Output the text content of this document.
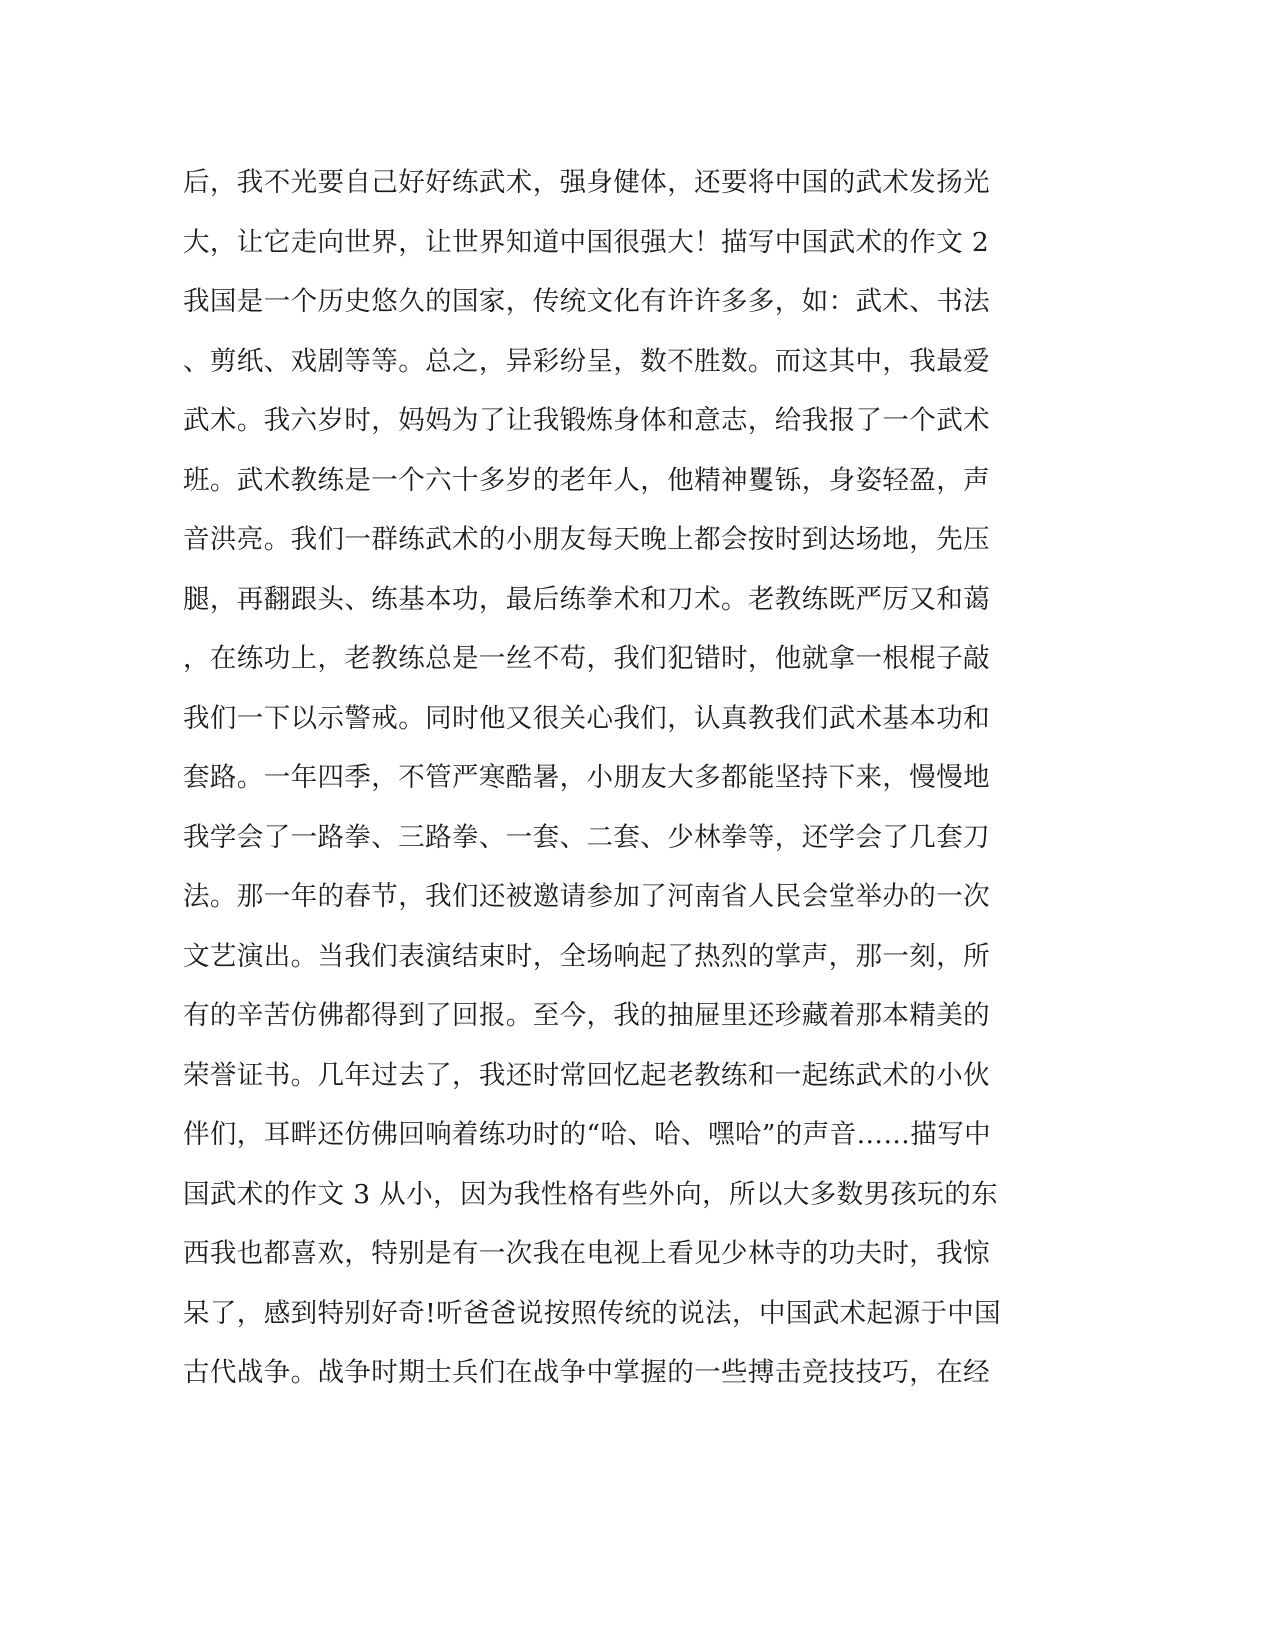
后，我不光要自己好好练武术，强身健体，还要将中国的武术发扬光
大，让它走向世界，让世界知道中国很强大！描写中国武术的作文 2
我国是一个历史悠久的国家，传统文化有许许多多，如：武术、书法
、剪纸、戏剧等等。总之，异彩纷呈，数不胜数。而这其中，我最爱
武术。我六岁时，妈妈为了让我锻炼身体和意志，给我报了一个武术
班。武术教练是一个六十多岁的老年人，他精神矍铄，身姿轻盈，声
音洪亮。我们一群练武术的小朋友每天晚上都会按时到达场地，先压
腿，再翻跟头、练基本功，最后练拳术和刀术。老教练既严厉又和蔼
，在练功上，老教练总是一丝不苟，我们犯错时，他就拿一根棍子敲
我们一下以示警戒。同时他又很关心我们，认真教我们武术基本功和
套路。一年四季，不管严寒酷暑，小朋友大多都能坚持下来，慢慢地
我学会了一路拳、三路拳、一套、二套、少林拳等，还学会了几套刀
法。那一年的春节，我们还被邀请参加了河南省人民会堂举办的一次
文艺演出。当我们表演结束时，全场响起了热烈的掌声，那一刻，所
有的辛苦仿佛都得到了回报。至今，我的抽屉里还珍藏着那本精美的
荣誉证书。几年过去了，我还时常回忆起老教练和一起练武术的小伙
伴们，耳畔还仿佛回响着练功时的“哈、哈、嘿哈”的声音……描写中
国武术的作文 3 从小，因为我性格有些外向，所以大多数男孩玩的东
西我也都喜欢，特别是有一次我在电视上看见少林寺的功夫时，我惊
呆了，感到特别好奇!听爸爸说按照传统的说法，中国武术起源于中国
古代战争。战争时期士兵们在战争中掌握的一些搏击竞技技巧，在经
